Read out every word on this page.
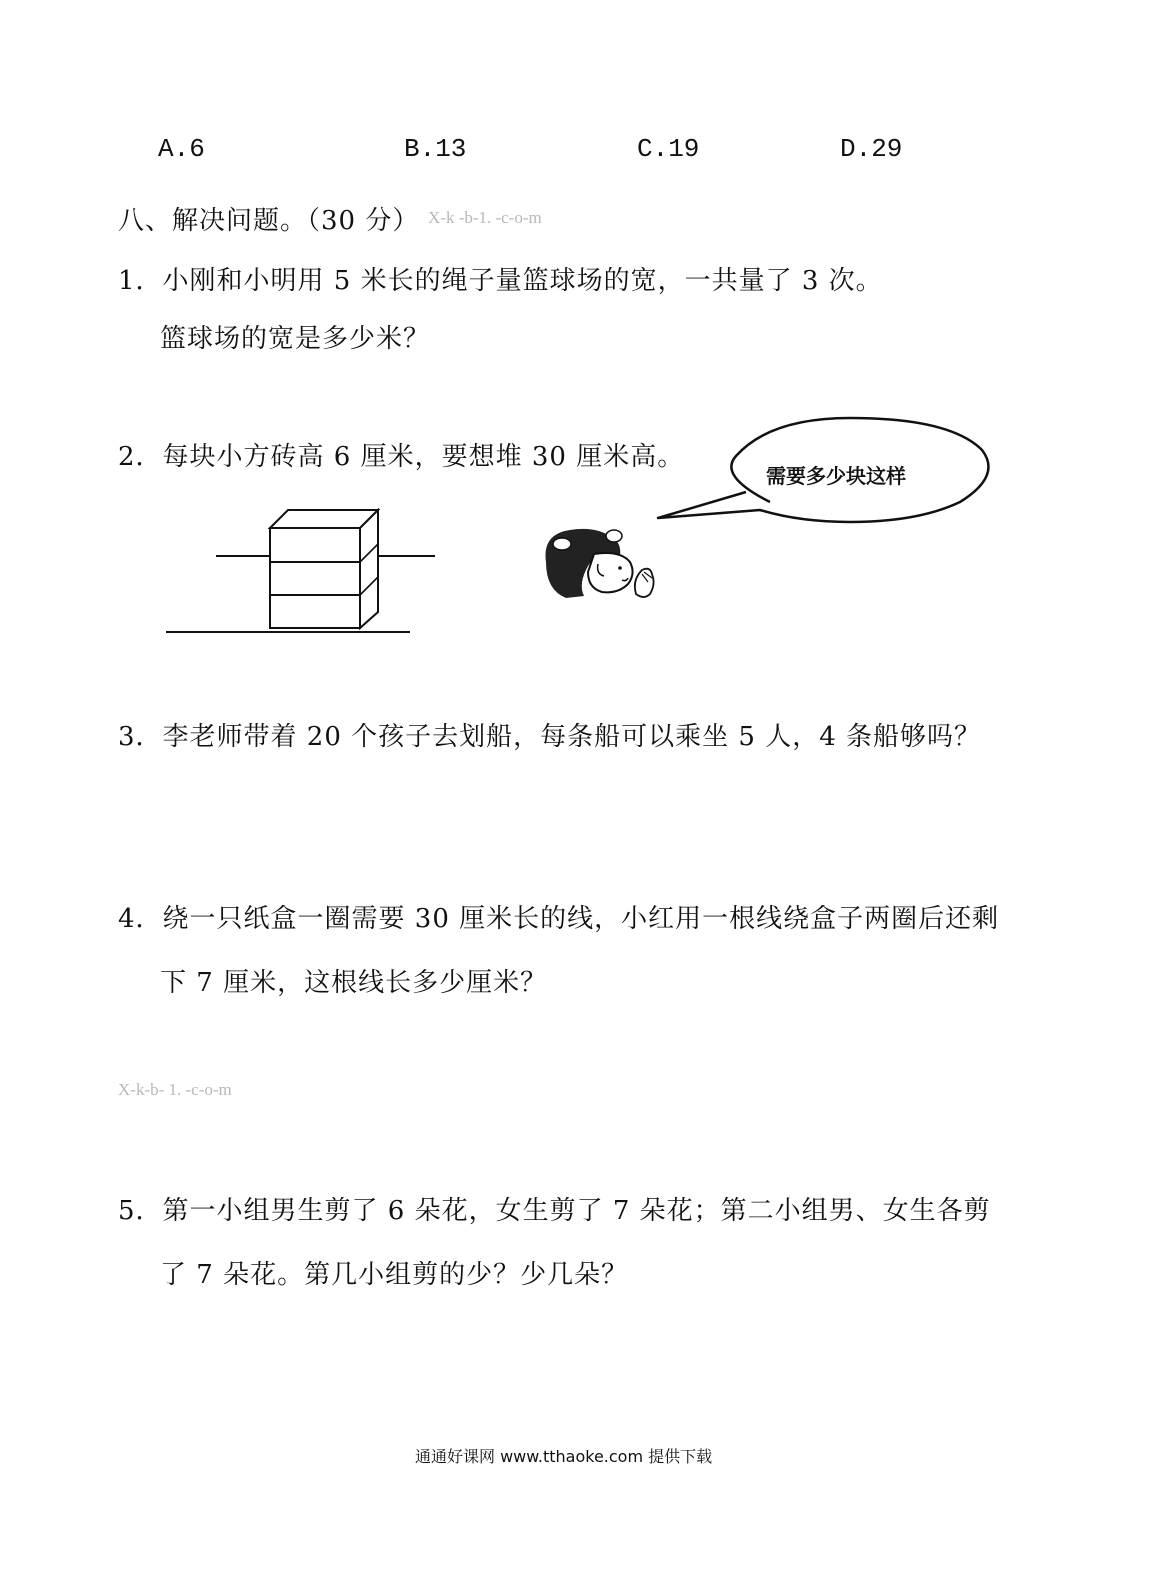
A.6	B.13	C.19	D.29
八、解决问题。（30 分） X-k -b-1. -c-o-m
1．小刚和小明用 5 米长的绳子量篮球场的宽，一共量了 3 次。
篮球场的宽是多少米？
2．每块小方砖高 6 厘米，要想堆 30 厘米高。
需要多少块这样
3．李老师带着 20 个孩子去划船，每条船可以乘坐 5 人，4 条船够吗？
4．绕一只纸盒一圈需要 30 厘米长的线，小红用一根线绕盒子两圈后还剩
下 7 厘米，这根线长多少厘米？
X-k-b- 1. -c-o-m
5．第一小组男生剪了 6 朵花，女生剪了 7 朵花；第二小组男、女生各剪
了 7 朵花。第几小组剪的少？少几朵？
通通好课网 www.tthaoke.com 提供下载
